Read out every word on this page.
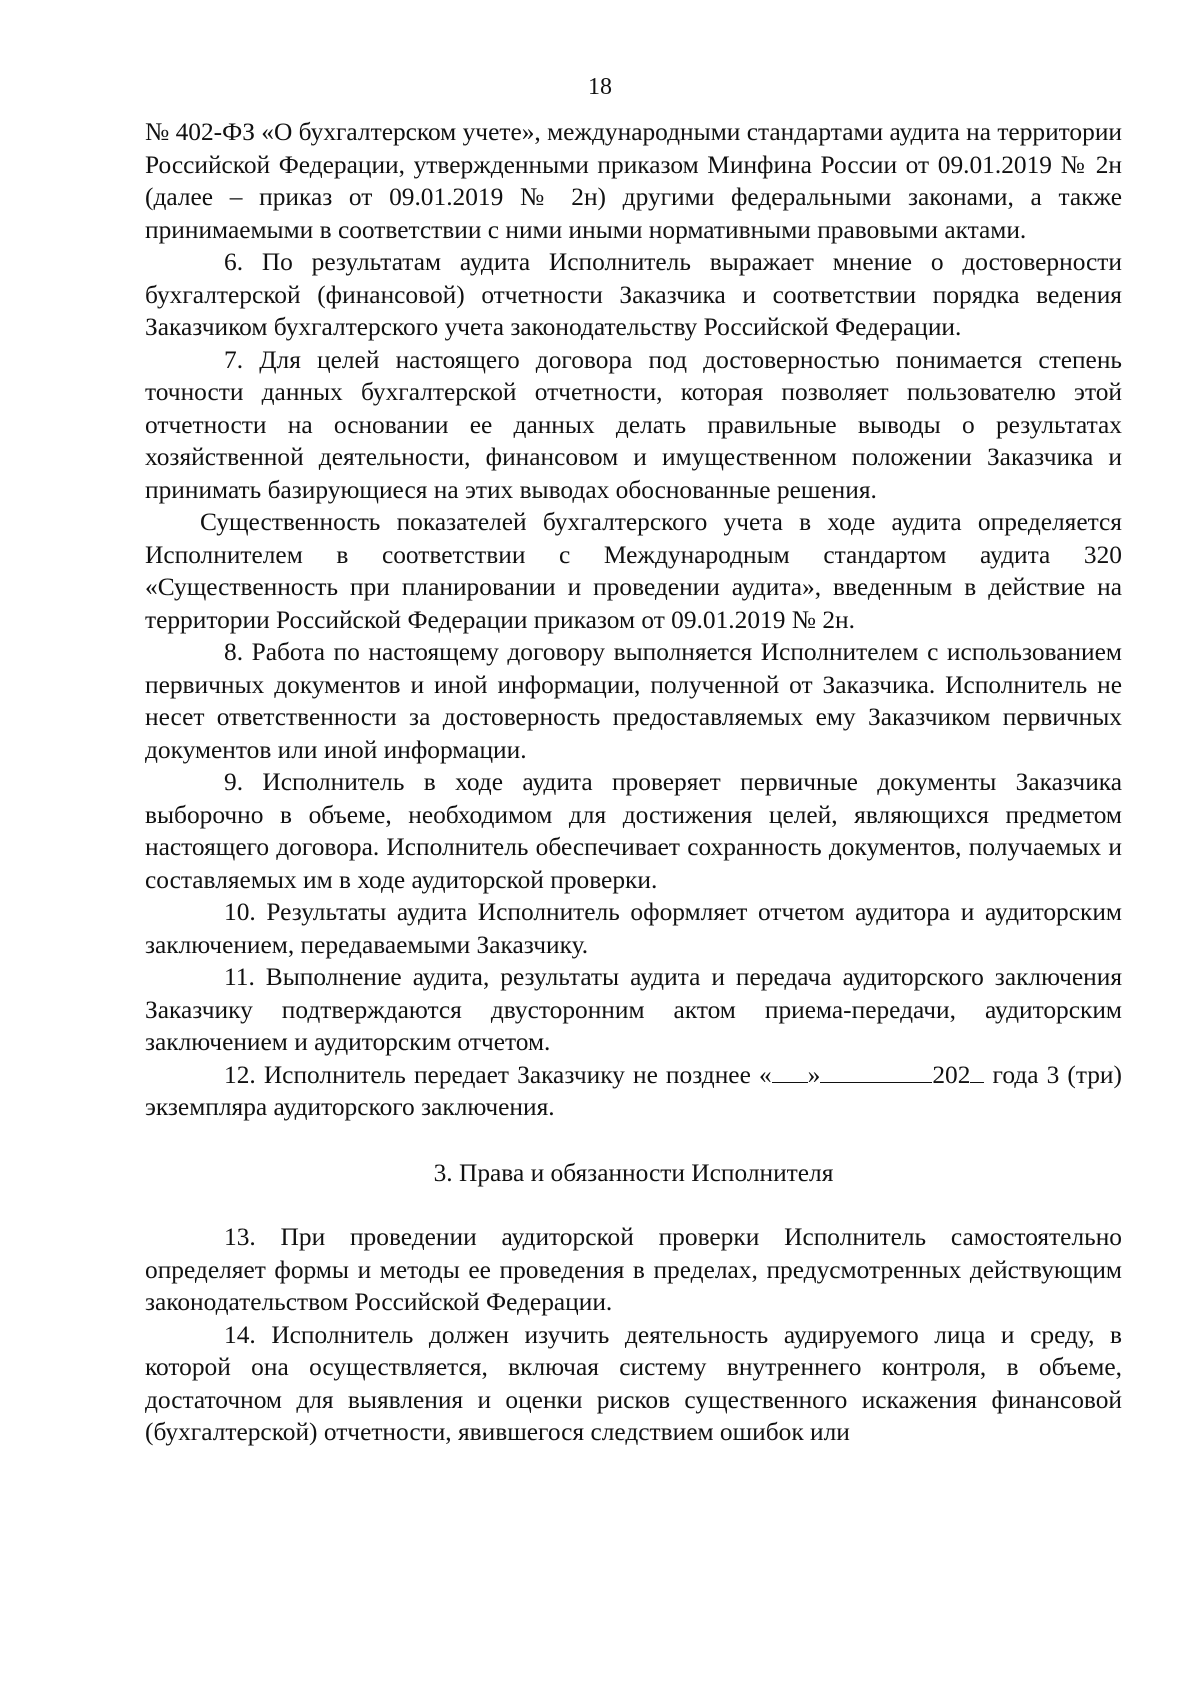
18

№ 402-ФЗ «О бухгалтерском учете», международными стандартами аудита на территории Российской Федерации, утвержденными приказом Минфина России от 09.01.2019 № 2н (далее – приказ от 09.01.2019 № 2н) другими федеральными законами, а также принимаемыми в соответствии с ними иными нормативными правовыми актами.

6. По результатам аудита Исполнитель выражает мнение о достоверности бухгалтерской (финансовой) отчетности Заказчика и соответствии порядка ведения Заказчиком бухгалтерского учета законодательству Российской Федерации.

7. Для целей настоящего договора под достоверностью понимается степень точности данных бухгалтерской отчетности, которая позволяет пользователю этой отчетности на основании ее данных делать правильные выводы о результатах хозяйственной деятельности, финансовом и имущественном положении Заказчика и принимать базирующиеся на этих выводах обоснованные решения.

Существенность показателей бухгалтерского учета в ходе аудита определяется Исполнителем в соответствии с Международным стандартом аудита 320 «Существенность при планировании и проведении аудита», введенным в действие на территории Российской Федерации приказом от 09.01.2019 № 2н.

8. Работа по настоящему договору выполняется Исполнителем с использованием первичных документов и иной информации, полученной от Заказчика. Исполнитель не несет ответственности за достоверность предоставляемых ему Заказчиком первичных документов или иной информации.

9. Исполнитель в ходе аудита проверяет первичные документы Заказчика выборочно в объеме, необходимом для достижения целей, являющихся предметом настоящего договора. Исполнитель обеспечивает сохранность документов, получаемых и составляемых им в ходе аудиторской проверки.

10. Результаты аудита Исполнитель оформляет отчетом аудитора и аудиторским заключением, передаваемыми Заказчику.

11. Выполнение аудита, результаты аудита и передача аудиторского заключения Заказчику подтверждаются двусторонним актом приема-передачи, аудиторским заключением и аудиторским отчетом.

12. Исполнитель передает Заказчику не позднее « »	202 года 3 (три) экземпляра аудиторского заключения.

3. Права и обязанности Исполнителя

13. При проведении аудиторской проверки Исполнитель самостоятельно определяет формы и методы ее проведения в пределах, предусмотренных действующим законодательством Российской Федерации.

14. Исполнитель должен изучить деятельность аудируемого лица и среду, в которой она осуществляется, включая систему внутреннего контроля, в объеме, достаточном для выявления и оценки рисков существенного искажения финансовой (бухгалтерской) отчетности, явившегося следствием ошибок или
